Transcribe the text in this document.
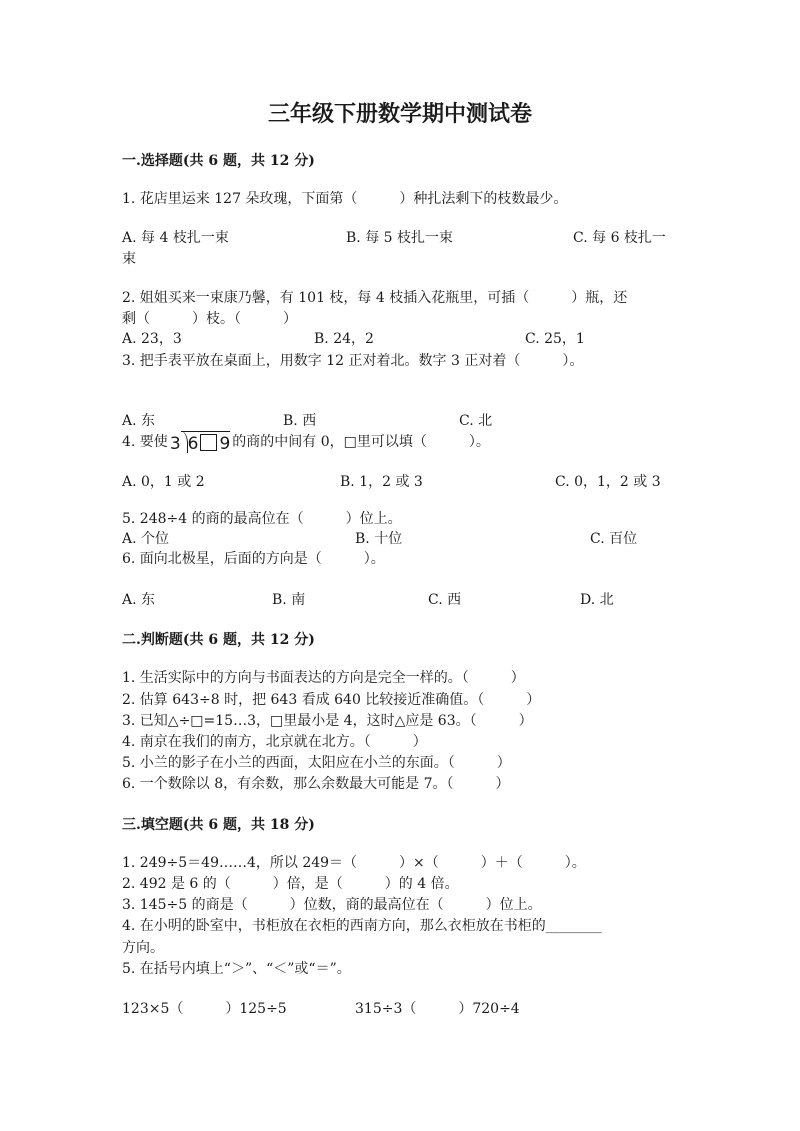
三年级下册数学期中测试卷
一.选择题(共 6 题，共 12 分)
1. 花店里运来 127 朵玫瑰，下面第（　　　）种扎法剩下的枝数最少。
A. 每 4 枝扎一束	B. 每 5 枝扎一束	C. 每 6 枝扎一
束
2. 姐姐买来一束康乃馨，有 101 枝，每 4 枝插入花瓶里，可插（　　　）瓶，还
剩（　　　）枝。（　　　）
A. 23，3	B. 24，2	C. 25，1
3. 把手表平放在桌面上，用数字 12 正对着北。数字 3 正对着（　　　）。
A. 东	B. 西	C. 北
4. 要使 3 6 9 的商的中间有 0，□里可以填（　　　）。
A. 0，1 或 2	B. 1，2 或 3	C. 0，1，2 或 3
5. 248÷4 的商的最高位在（　　　）位上。
A. 个位	B. 十位	C. 百位
6. 面向北极星，后面的方向是（　　　）。
A. 东	B. 南	C. 西	D. 北
二.判断题(共 6 题，共 12 分)
1. 生活实际中的方向与书面表达的方向是完全一样的。（　　　）
2. 估算 643÷8 时，把 643 看成 640 比较接近准确值。（　　　）
3. 已知△÷□=15…3，□里最小是 4，这时△应是 63。（　　　）
4. 南京在我们的南方，北京就在北方。（　　　）
5. 小兰的影子在小兰的西面，太阳应在小兰的东面。（　　　）
6. 一个数除以 8，有余数，那么余数最大可能是 7。（　　　）
三.填空题(共 6 题，共 18 分)
1. 249÷5＝49……4，所以 249＝（　　　）×（　　　）＋（　　　）。
2. 492 是 6 的（　　　）倍，是（　　　）的 4 倍。
3. 145÷5 的商是（　　　）位数，商的最高位在（　　　）位上。
4. 在小明的卧室中，书柜放在衣柜的西南方向，那么衣柜放在书柜的________
方向。
5. 在括号内填上“＞”、“＜”或“＝”。
123×5（　　　）125÷5	315÷3（　　　）720÷4
